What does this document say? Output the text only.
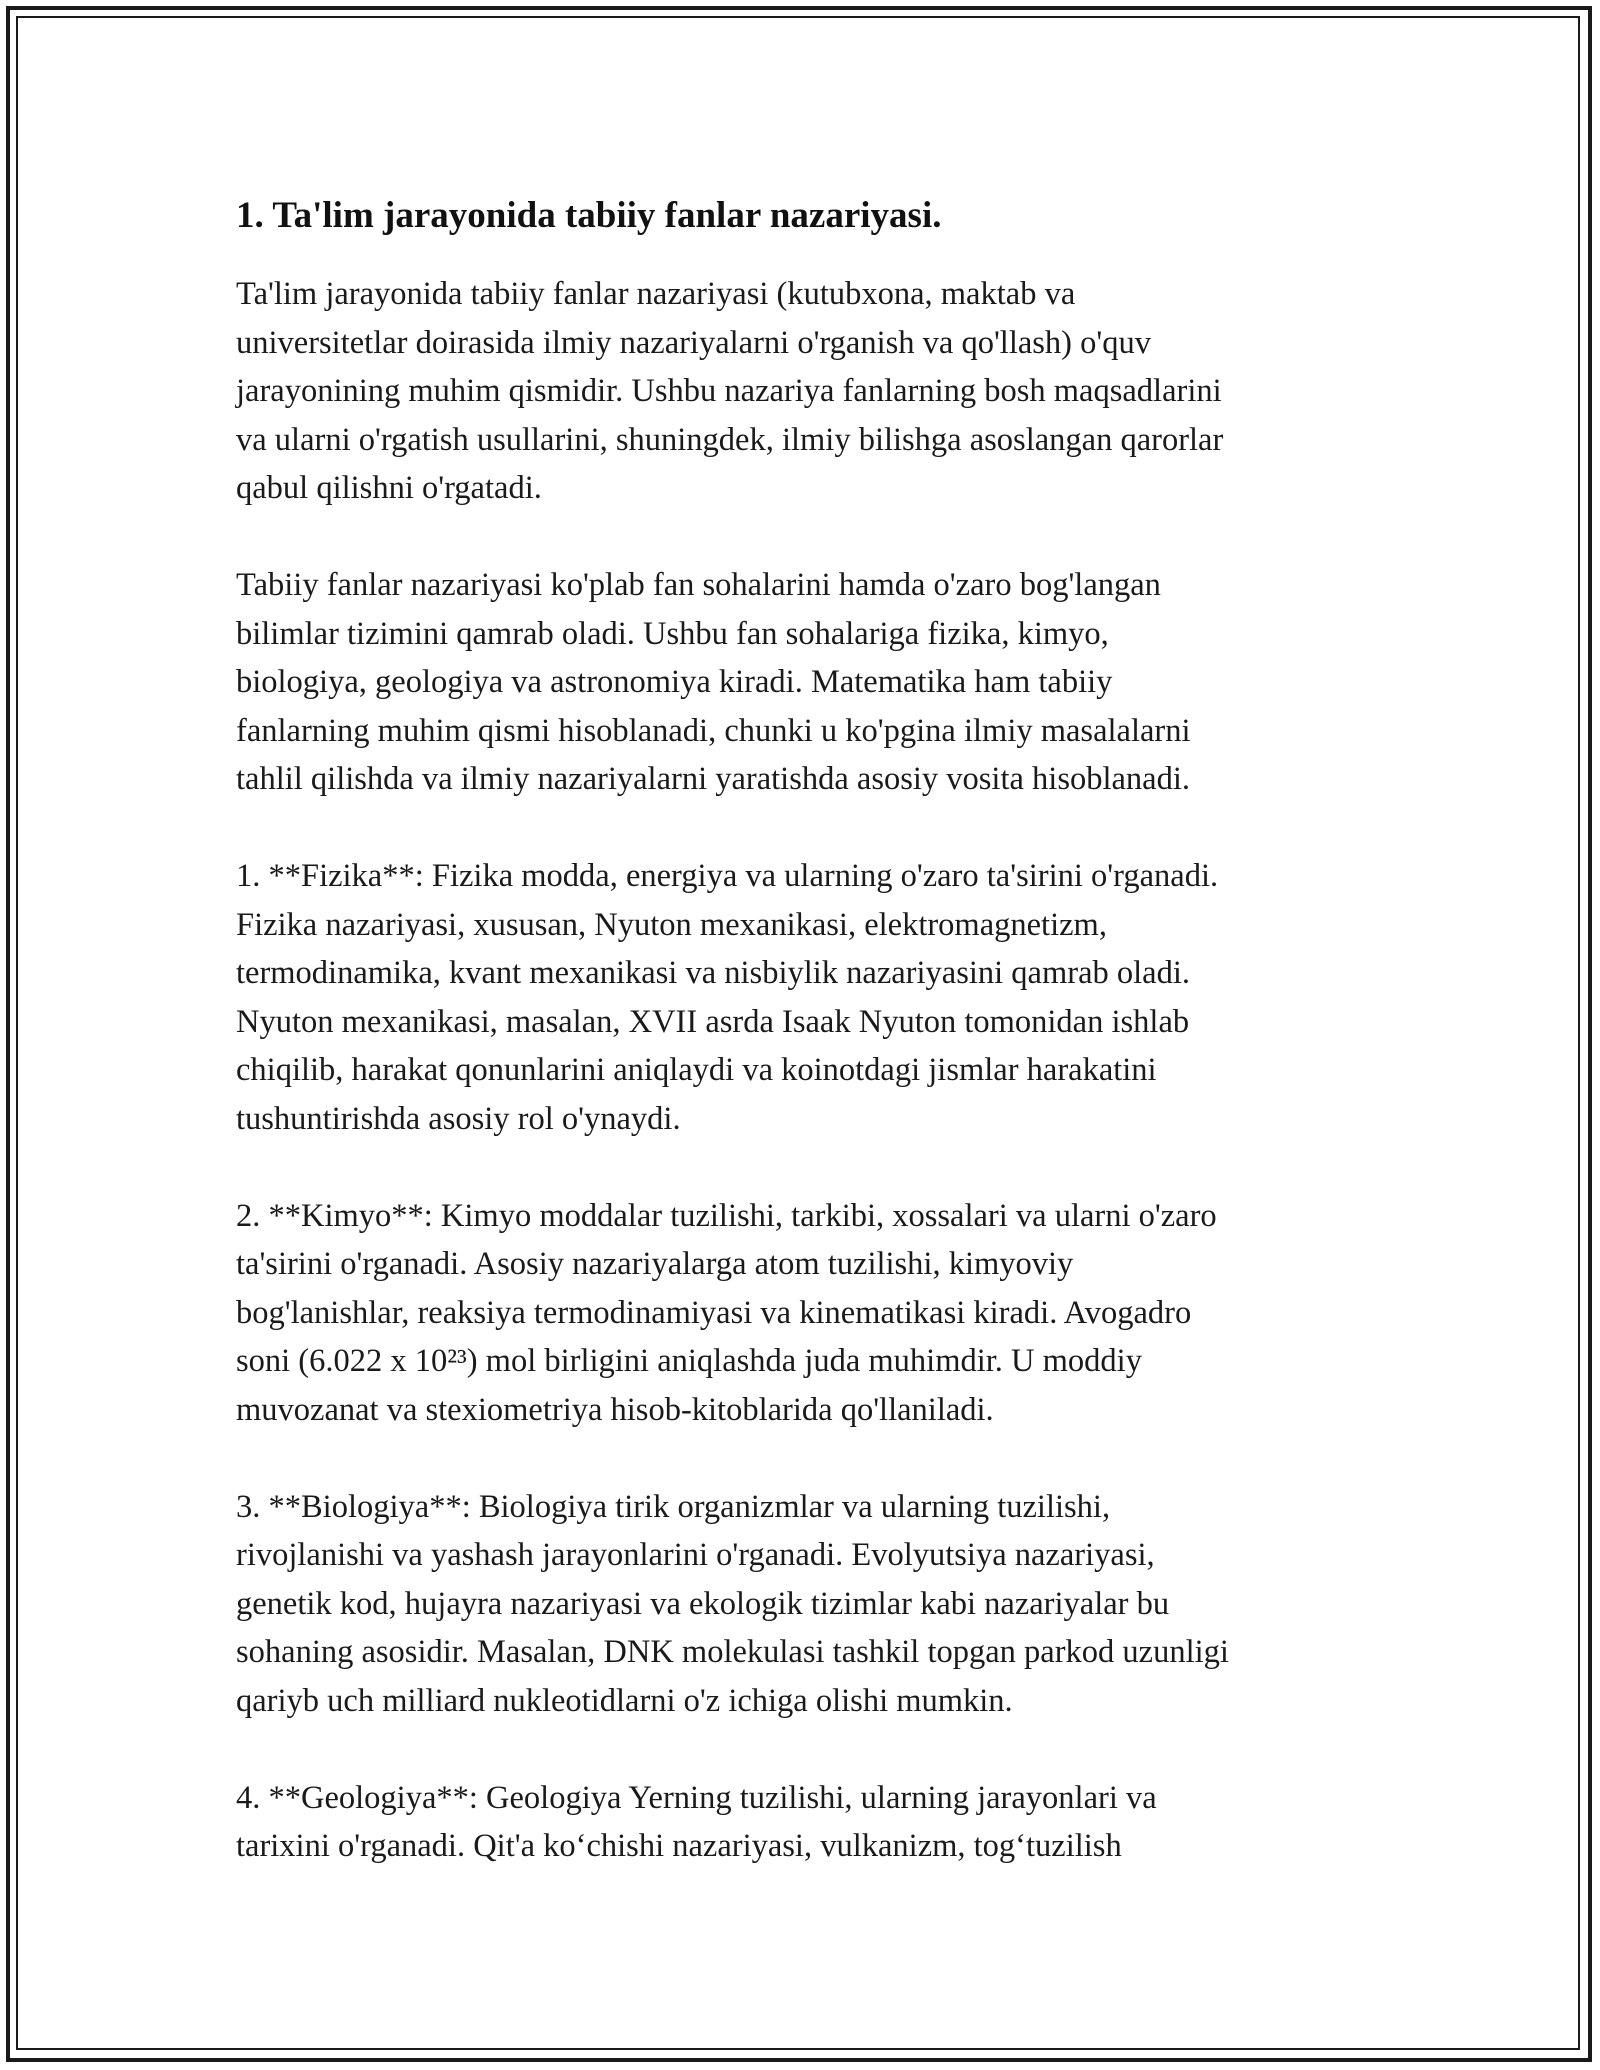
1. Ta'lim jarayonida tabiiy fanlar nazariyasi.

Ta'lim jarayonida tabiiy fanlar nazariyasi (kutubxona, maktab va
universitetlar doirasida ilmiy nazariyalarni o'rganish va qo'llash) o'quv
jarayonining muhim qismidir. Ushbu nazariya fanlarning bosh maqsadlarini
va ularni o'rgatish usullarini, shuningdek, ilmiy bilishga asoslangan qarorlar
qabul qilishni o'rgatadi.

Tabiiy fanlar nazariyasi ko'plab fan sohalarini hamda o'zaro bog'langan
bilimlar tizimini qamrab oladi. Ushbu fan sohalariga fizika, kimyo,
biologiya, geologiya va astronomiya kiradi. Matematika ham tabiiy
fanlarning muhim qismi hisoblanadi, chunki u ko'pgina ilmiy masalalarni
tahlil qilishda va ilmiy nazariyalarni yaratishda asosiy vosita hisoblanadi.

1. **Fizika**: Fizika modda, energiya va ularning o'zaro ta'sirini o'rganadi.
Fizika nazariyasi, xususan, Nyuton mexanikasi, elektromagnetizm,
termodinamika, kvant mexanikasi va nisbiylik nazariyasini qamrab oladi.
Nyuton mexanikasi, masalan, XVII asrda Isaak Nyuton tomonidan ishlab
chiqilib, harakat qonunlarini aniqlaydi va koinotdagi jismlar harakatini
tushuntirishda asosiy rol o'ynaydi.

2. **Kimyo**: Kimyo moddalar tuzilishi, tarkibi, xossalari va ularni o'zaro
ta'sirini o'rganadi. Asosiy nazariyalarga atom tuzilishi, kimyoviy
bog'lanishlar, reaksiya termodinamiyasi va kinematikasi kiradi. Avogadro
soni (6.022 x 10²³) mol birligini aniqlashda juda muhimdir. U moddiy
muvozanat va stexiometriya hisob-kitoblarida qo'llaniladi.

3. **Biologiya**: Biologiya tirik organizmlar va ularning tuzilishi,
rivojlanishi va yashash jarayonlarini o'rganadi. Evolyutsiya nazariyasi,
genetik kod, hujayra nazariyasi va ekologik tizimlar kabi nazariyalar bu
sohaning asosidir. Masalan, DNK molekulasi tashkil topgan parkod uzunligi
qariyb uch milliard nukleotidlarni o'z ichiga olishi mumkin.

4. **Geologiya**: Geologiya Yerning tuzilishi, ularning jarayonlari va
tarixini o'rganadi. Qit'a ko‘chishi nazariyasi, vulkanizm, tog‘tuzilish
